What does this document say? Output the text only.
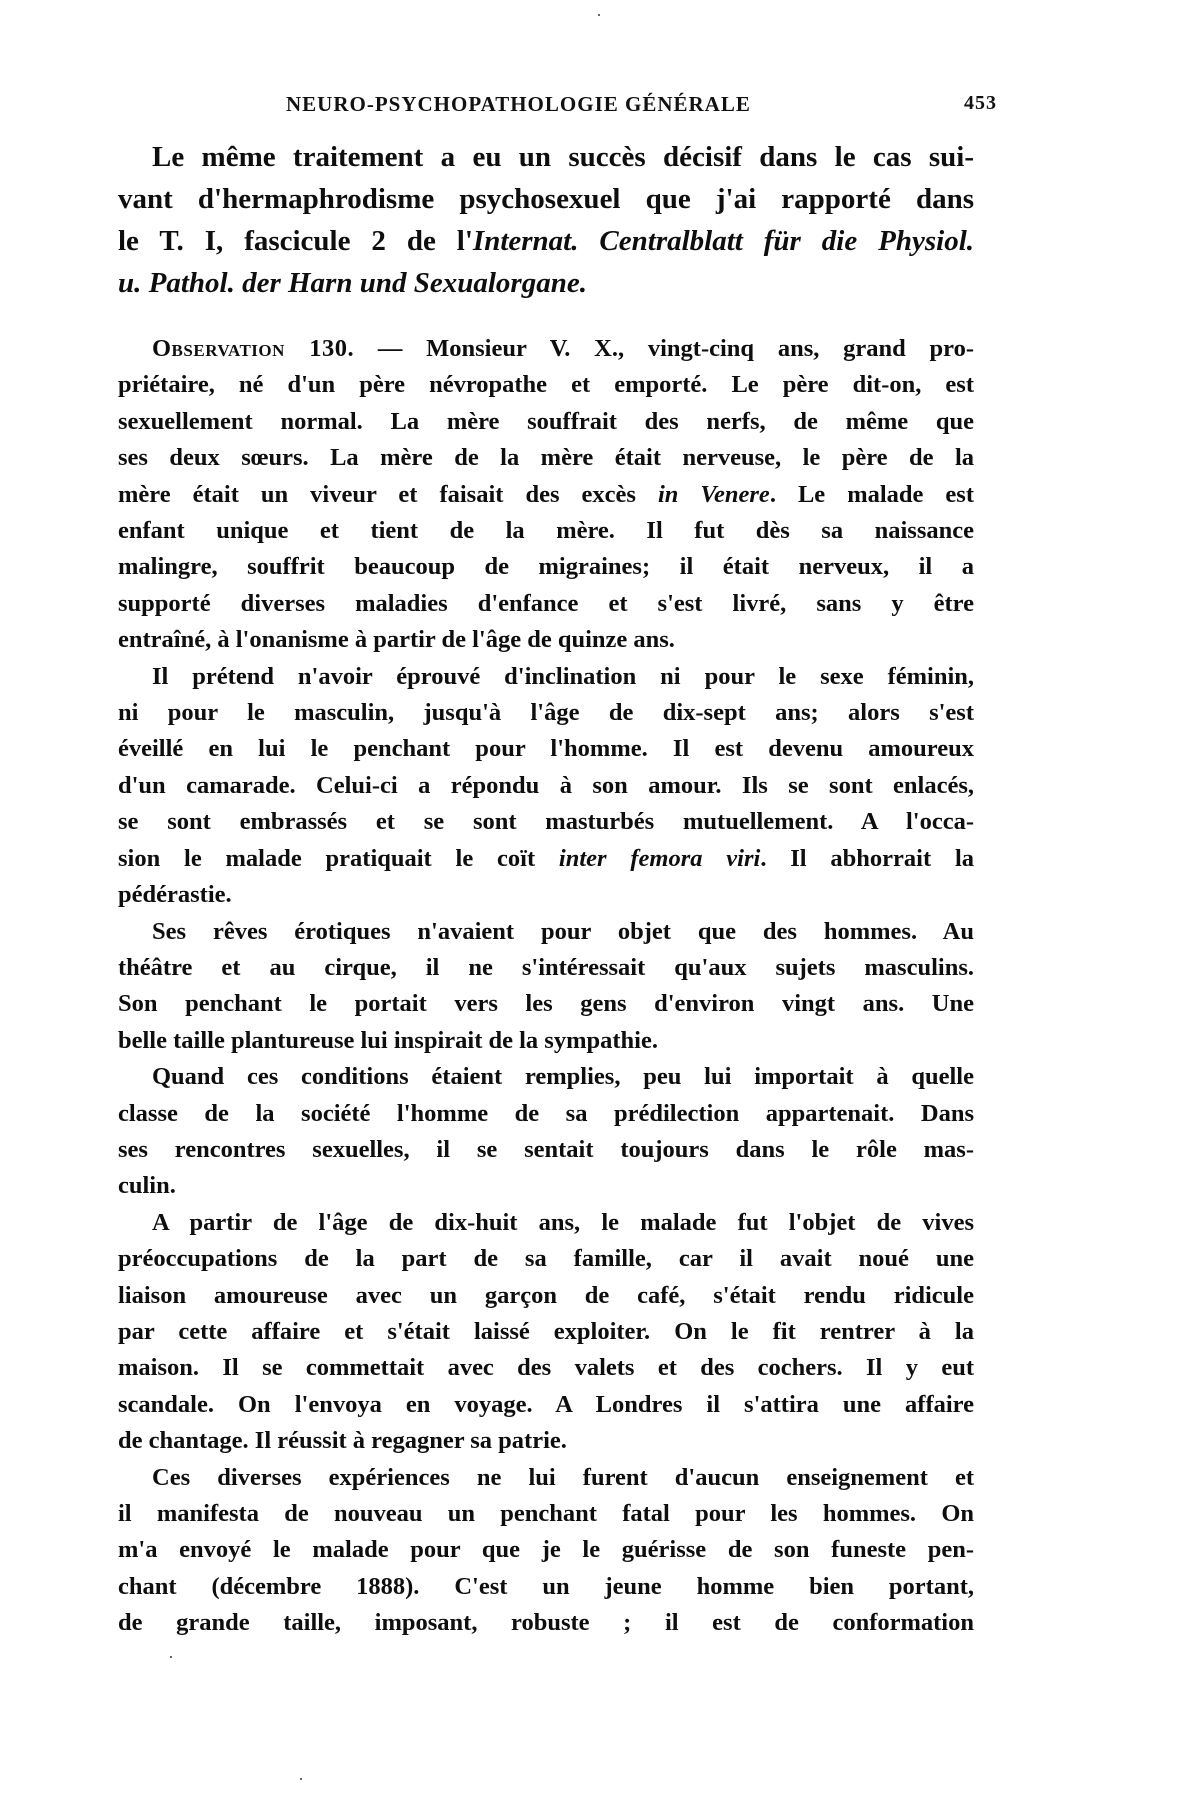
NEURO-PSYCHOPATHOLOGIE GÉNÉRALE	453
Le même traitement a eu un succès décisif dans le cas sui-
vant d'hermaphrodisme psychosexuel que j'ai rapporté dans
le T. I, fascicule 2 de l'Internat. Centralblatt für die Physiol.
u. Pathol. der Harn und Sexualorgane.
Observation 130. — Monsieur V. X., vingt-cinq ans, grand pro-
priétaire, né d'un père névropathe et emporté. Le père dit-on, est
sexuellement normal. La mère souffrait des nerfs, de même que
ses deux sœurs. La mère de la mère était nerveuse, le père de la
mère était un viveur et faisait des excès in Venere. Le malade est
enfant unique et tient de la mère. Il fut dès sa naissance
malingre, souffrit beaucoup de migraines; il était nerveux, il a
supporté diverses maladies d'enfance et s'est livré, sans y être
entraîné, à l'onanisme à partir de l'âge de quinze ans.
Il prétend n'avoir éprouvé d'inclination ni pour le sexe féminin,
ni pour le masculin, jusqu'à l'âge de dix-sept ans; alors s'est
éveillé en lui le penchant pour l'homme. Il est devenu amoureux
d'un camarade. Celui-ci a répondu à son amour. Ils se sont enlacés,
se sont embrassés et se sont masturbés mutuellement. A l'occa-
sion le malade pratiquait le coït inter femora viri. Il abhorrait la
pédérastie.
Ses rêves érotiques n'avaient pour objet que des hommes. Au
théâtre et au cirque, il ne s'intéressait qu'aux sujets masculins.
Son penchant le portait vers les gens d'environ vingt ans. Une
belle taille plantureuse lui inspirait de la sympathie.
Quand ces conditions étaient remplies, peu lui importait à quelle
classe de la société l'homme de sa prédilection appartenait. Dans
ses rencontres sexuelles, il se sentait toujours dans le rôle mas-
culin.
A partir de l'âge de dix-huit ans, le malade fut l'objet de vives
préoccupations de la part de sa famille, car il avait noué une
liaison amoureuse avec un garçon de café, s'était rendu ridicule
par cette affaire et s'était laissé exploiter. On le fit rentrer à la
maison. Il se commettait avec des valets et des cochers. Il y eut
scandale. On l'envoya en voyage. A Londres il s'attira une affaire
de chantage. Il réussit à regagner sa patrie.
Ces diverses expériences ne lui furent d'aucun enseignement et
il manifesta de nouveau un penchant fatal pour les hommes. On
m'a envoyé le malade pour que je le guérisse de son funeste pen-
chant (décembre 1888). C'est un jeune homme bien portant,
de grande taille, imposant, robuste ; il est de conformation
